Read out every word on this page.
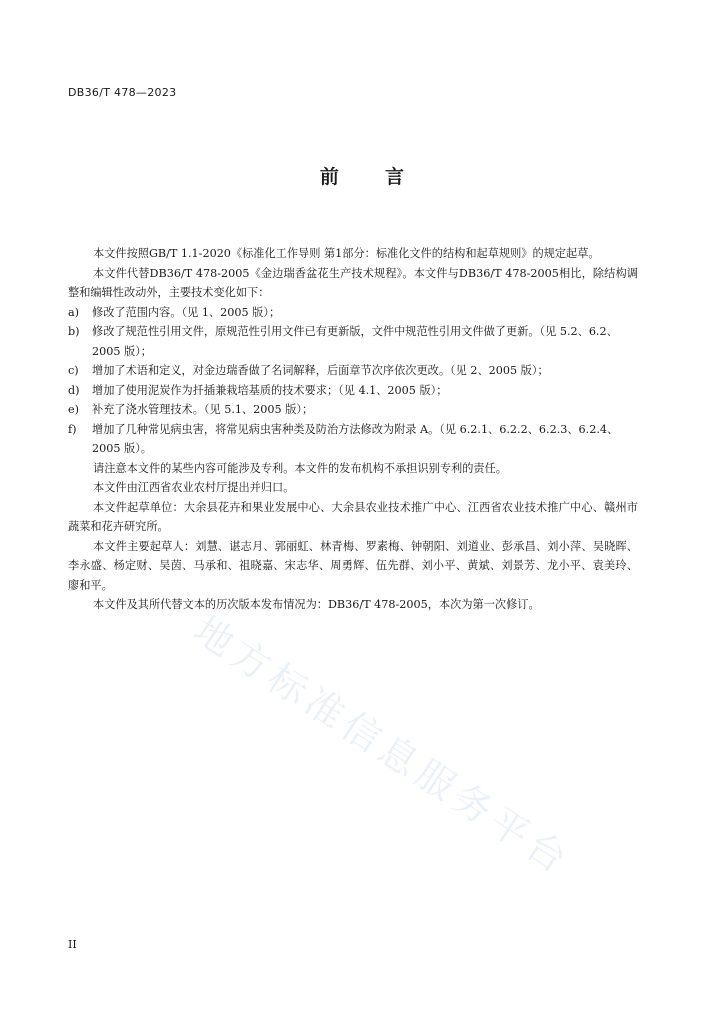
地方标准信息服务平台
DB36/T 478—2023
前 言
本文件按照GB/T 1.1-2020《标准化工作导则 第1部分：标准化文件的结构和起草规则》的规定起草。
本文件代替DB36/T 478-2005《金边瑞香盆花生产技术规程》。本文件与DB36/T 478-2005相比，除结构调整和编辑性改动外，主要技术变化如下：
a)	修改了范围内容。（见 1、2005 版）；
b)	修改了规范性引用文件，原规范性引用文件已有更新版，文件中规范性引用文件做了更新。（见 5.2、6.2、2005 版）；
c)	增加了术语和定义，对金边瑞香做了名词解释，后面章节次序依次更改。（见 2、2005 版）；
d)	增加了使用泥炭作为扦插兼栽培基质的技术要求；（见 4.1、2005 版）；
e)	补充了浇水管理技术。（见 5.1、2005 版）；
f)	增加了几种常见病虫害，将常见病虫害种类及防治方法修改为附录 A。（见 6.2.1、6.2.2、6.2.3、6.2.4、2005 版）。
请注意本文件的某些内容可能涉及专利。本文件的发布机构不承担识别专利的责任。
本文件由江西省农业农村厅提出并归口。
本文件起草单位：大余县花卉和果业发展中心、大余县农业技术推广中心、江西省农业技术推广中心、赣州市蔬菜和花卉研究所。
本文件主要起草人：刘慧、谌志月、郭丽虹、林青梅、罗素梅、钟朝阳、刘道业、彭承昌、刘小萍、吴晓晖、李永盛、杨定财、吴茵、马承和、祖晓嘉、宋志华、周勇辉、伍先群、刘小平、黄斌、刘景芳、龙小平、袁美玲、廖和平。
本文件及其所代替文本的历次版本发布情况为：DB36/T 478-2005，本次为第一次修订。
II
